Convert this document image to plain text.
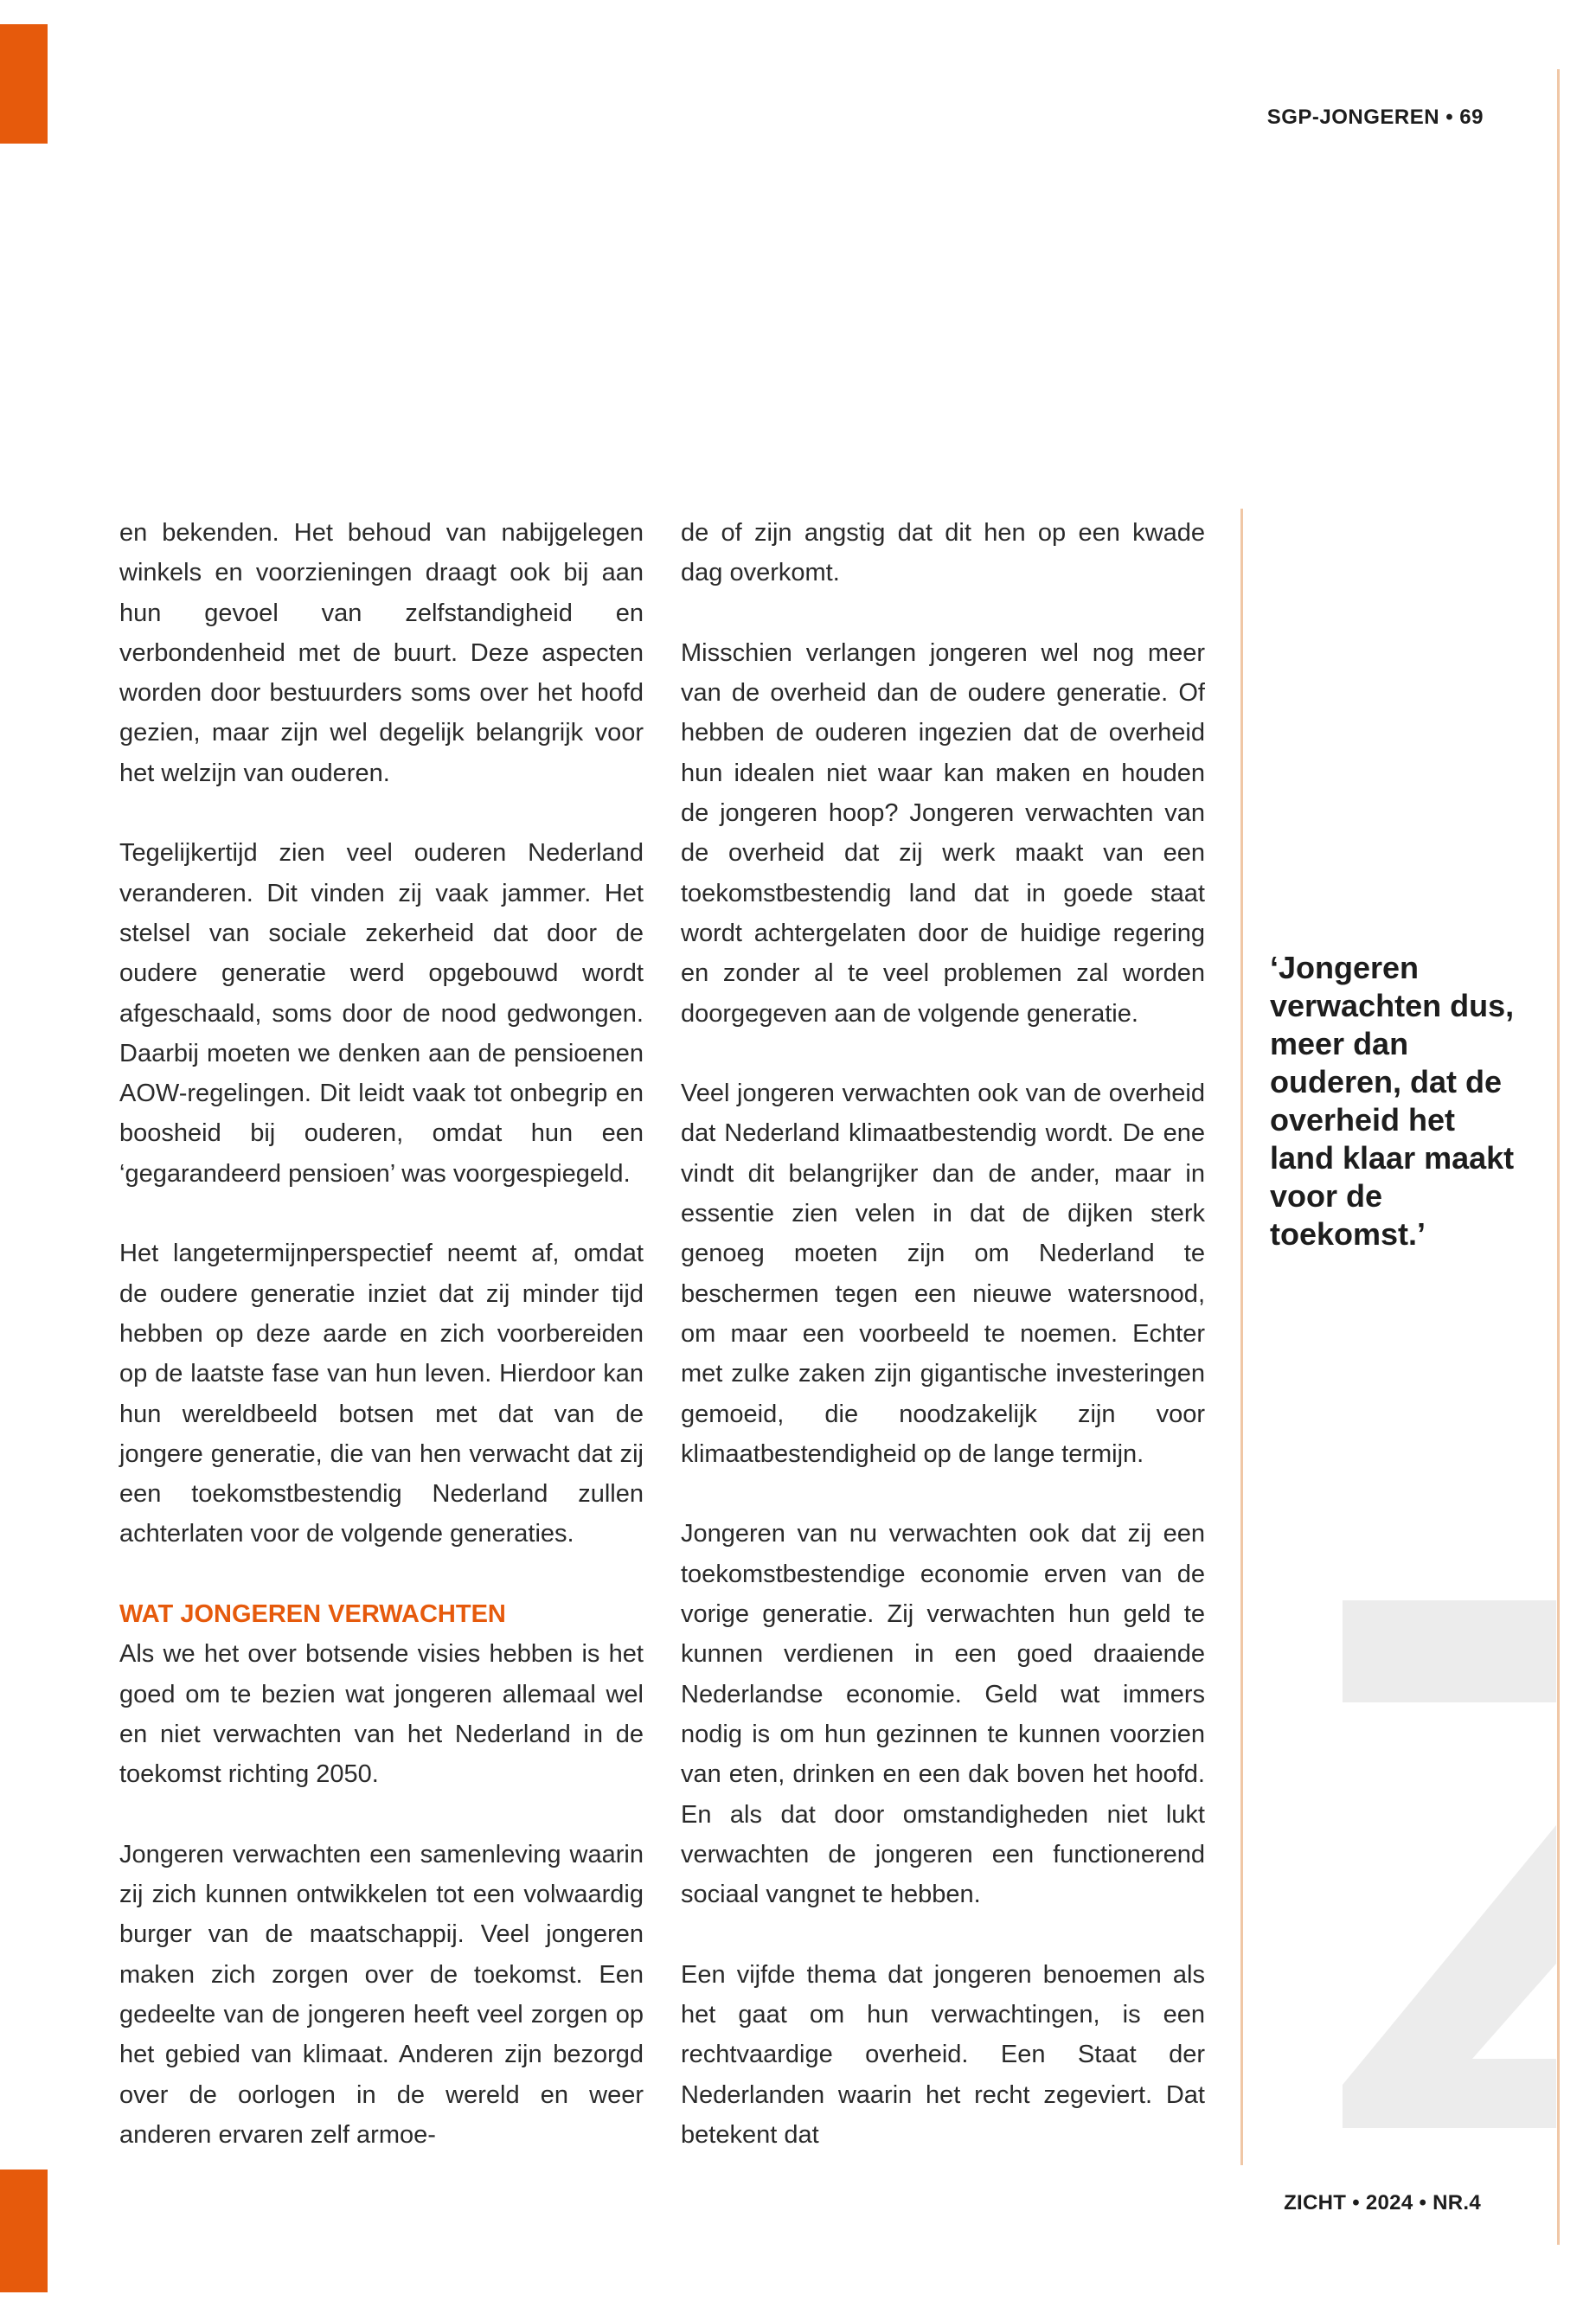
SGP-JONGEREN • 69

en bekenden. Het behoud van nabijgelegen winkels en voorzieningen draagt ook bij aan hun gevoel van zelfstandigheid en verbondenheid met de buurt. Deze aspecten worden door bestuurders soms over het hoofd gezien, maar zijn wel degelijk belangrijk voor het welzijn van ouderen.

Tegelijkertijd zien veel ouderen Nederland veranderen. Dit vinden zij vaak jammer. Het stelsel van sociale zekerheid dat door de oudere generatie werd opgebouwd wordt afgeschaald, soms door de nood gedwongen. Daarbij moeten we denken aan de pensioenen AOW-regelingen. Dit leidt vaak tot onbegrip en boosheid bij ouderen, omdat hun een ‘gegarandeerd pensioen’ was voorgespiegeld.

Het langetermijnperspectief neemt af, omdat de oudere generatie inziet dat zij minder tijd hebben op deze aarde en zich voorbereiden op de laatste fase van hun leven. Hierdoor kan hun wereldbeeld botsen met dat van de jongere generatie, die van hen verwacht dat zij een toekomstbestendig Nederland zullen achterlaten voor de volgende generaties.

WAT JONGEREN VERWACHTEN

Als we het over botsende visies hebben is het goed om te bezien wat jongeren allemaal wel en niet verwachten van het Nederland in de toekomst richting 2050.

Jongeren verwachten een samenleving waarin zij zich kunnen ontwikkelen tot een volwaardig burger van de maatschappij. Veel jongeren maken zich zorgen over de toekomst. Een gedeelte van de jongeren heeft veel zorgen op het gebied van klimaat. Anderen zijn bezorgd over de oorlogen in de wereld en weer anderen ervaren zelf armoe-

de of zijn angstig dat dit hen op een kwade dag overkomt.

Misschien verlangen jongeren wel nog meer van de overheid dan de oudere generatie. Of hebben de ouderen ingezien dat de overheid hun idealen niet waar kan maken en houden de jongeren hoop? Jongeren verwachten van de overheid dat zij werk maakt van een toekomstbestendig land dat in goede staat wordt achtergelaten door de huidige regering en zonder al te veel problemen zal worden doorgegeven aan de volgende generatie.

Veel jongeren verwachten ook van de overheid dat Nederland klimaatbestendig wordt. De ene vindt dit belangrijker dan de ander, maar in essentie zien velen in dat de dijken sterk genoeg moeten zijn om Nederland te beschermen tegen een nieuwe watersnood, om maar een voorbeeld te noemen. Echter met zulke zaken zijn gigantische investeringen gemoeid, die noodzakelijk zijn voor klimaatbestendigheid op de lange termijn.

Jongeren van nu verwachten ook dat zij een toekomstbestendige economie erven van de vorige generatie. Zij verwachten hun geld te kunnen verdienen in een goed draaiende Nederlandse economie. Geld wat immers nodig is om hun gezinnen te kunnen voorzien van eten, drinken en een dak boven het hoofd. En als dat door omstandigheden niet lukt verwachten de jongeren een functionerend sociaal vangnet te hebben.

Een vijfde thema dat jongeren benoemen als het gaat om hun verwachtingen, is een rechtvaardige overheid. Een Staat der Nederlanden waarin het recht zegeviert. Dat betekent dat

‘Jongeren verwachten dus, meer dan ouderen, dat de overheid het land klaar maakt voor de toekomst.’
ZICHT • 2024 • NR.4
